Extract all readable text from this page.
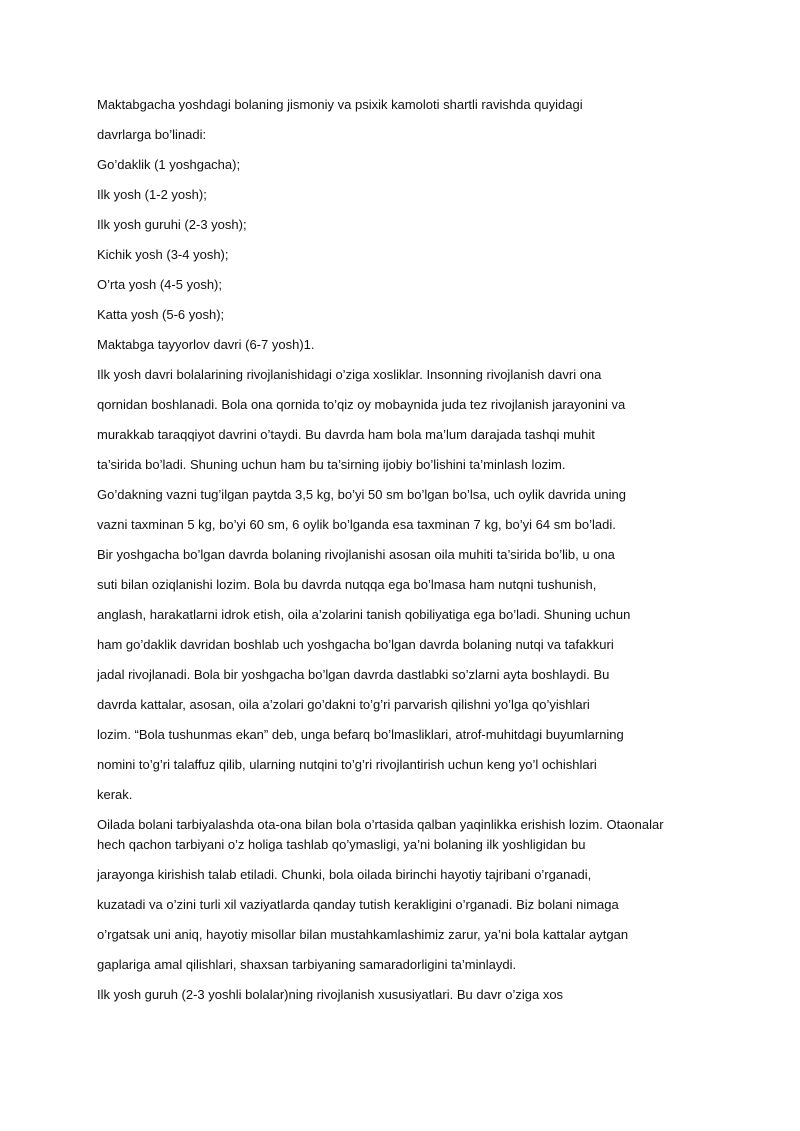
Maktabgacha yoshdagi bolaning jismoniy va psixik kamoloti shartli ravishda quyidagi
davrlarga bo’linadi:
Go’daklik (1 yoshgacha);
Ilk yosh (1-2 yosh);
Ilk yosh guruhi (2-3 yosh);
Kichik yosh (3-4 yosh);
O’rta yosh (4-5 yosh);
Katta yosh (5-6 yosh);
Maktabga tayyorlov davri (6-7 yosh)1.
Ilk yosh davri bolalarining rivojlanishidagi o’ziga xosliklar. Insonning rivojlanish davri ona
qornidan boshlanadi. Bola ona qornida to’qiz oy mobaynida juda tez rivojlanish jarayonini va
murakkab taraqqiyot davrini o’taydi. Bu davrda ham bola ma’lum darajada tashqi muhit
ta’sirida bo’ladi. Shuning uchun ham bu ta’sirning ijobiy bo’lishini ta’minlash lozim.
Go’dakning vazni tug’ilgan paytda 3,5 kg, bo’yi 50 sm bo’lgan bo’lsa, uch oylik davrida uning
vazni taxminan 5 kg, bo’yi 60 sm, 6 oylik bo’lganda esa taxminan 7 kg, bo’yi 64 sm bo’ladi.
Bir yoshgacha bo’lgan davrda bolaning rivojlanishi asosan oila muhiti ta’sirida bo’lib, u ona
suti bilan oziqlanishi lozim. Bola bu davrda nutqqa ega bo’lmasa ham nutqni tushunish,
anglash, harakatlarni idrok etish, oila a’zolarini tanish qobiliyatiga ega bo’ladi. Shuning uchun
ham go’daklik davridan boshlab uch yoshgacha bo’lgan davrda bolaning nutqi va tafakkuri
jadal rivojlanadi. Bola bir yoshgacha bo’lgan davrda dastlabki so’zlarni ayta boshlaydi. Bu
davrda kattalar, asosan, oila a’zolari go’dakni to’g’ri parvarish qilishni yo’lga qo’yishlari
lozim. “Bola tushunmas ekan” deb, unga befarq bo’lmasliklari, atrof-muhitdagi buyumlarning
nomini to’g’ri talaffuz qilib, ularning nutqini to’g’ri rivojlantirish uchun keng yo’l ochishlari
kerak.
Oilada bolani tarbiyalashda ota-ona bilan bola o’rtasida qalban yaqinlikka erishish lozim. Otaonalar
hech qachon tarbiyani o’z holiga tashlab qo’ymasligi, ya’ni bolaning ilk yoshligidan bu
jarayonga kirishish talab etiladi. Chunki, bola oilada birinchi hayotiy tajribani o’rganadi,
kuzatadi va o’zini turli xil vaziyatlarda qanday tutish kerakligini o’rganadi. Biz bolani nimaga
o’rgatsak uni aniq, hayotiy misollar bilan mustahkamlashimiz zarur, ya’ni bola kattalar aytgan
gaplariga amal qilishlari, shaxsan tarbiyaning samaradorligini ta’minlaydi.
Ilk yosh guruh (2-3 yoshli bolalar)ning rivojlanish xususiyatlari. Bu davr o’ziga xos
